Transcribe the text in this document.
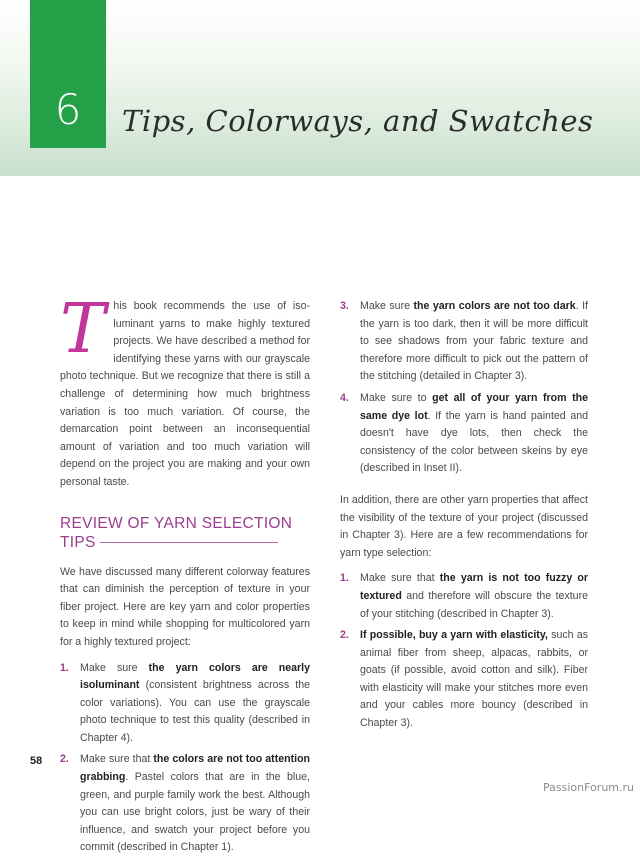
6	Tips, Colorways, and Swatches

This book recommends the use of iso-luminant yarns to make highly textured projects. We have described a method for identifying these yarns with our grayscale photo technique. But we recognize that there is still a challenge of determining how much brightness variation is too much variation. Of course, the demarcation point between an inconsequential amount of variation and too much variation will depend on the project you are making and your own personal taste.

REVIEW OF YARN SELECTION
TIPS

We have discussed many different colorway features that can diminish the perception of texture in your fiber project. Here are key yarn and color properties to keep in mind while shopping for multicolored yarn for a highly textured project:

1. Make sure the yarn colors are nearly isoluminant (consistent brightness across the color variations). You can use the grayscale photo technique to test this quality (described in Chapter 4).
2. Make sure that the colors are not too attention grabbing. Pastel colors that are in the blue, green, and purple family work the best. Although you can use bright colors, just be wary of their influence, and swatch your project before you commit (described in Chapter 1).
3. Make sure the yarn colors are not too dark. If the yarn is too dark, then it will be more difficult to see shadows from your fabric texture and therefore more difficult to pick out the pattern of the stitching (detailed in Chapter 3).
4. Make sure to get all of your yarn from the same dye lot. If the yarn is hand painted and doesn't have dye lots, then check the consistency of the color between skeins by eye (described in Inset II).

In addition, there are other yarn properties that affect the visibility of the texture of your project (discussed in Chapter 3). Here are a few recommendations for yarn type selection:

1. Make sure that the yarn is not too fuzzy or textured and therefore will obscure the texture of your stitching (described in Chapter 3).
2. If possible, buy a yarn with elasticity, such as animal fiber from sheep, alpacas, rabbits, or goats (if possible, avoid cotton and silk). Fiber with elasticity will make your stitches more even and your cables more bouncy (described in Chapter 3).
58
PassionForum.ru
